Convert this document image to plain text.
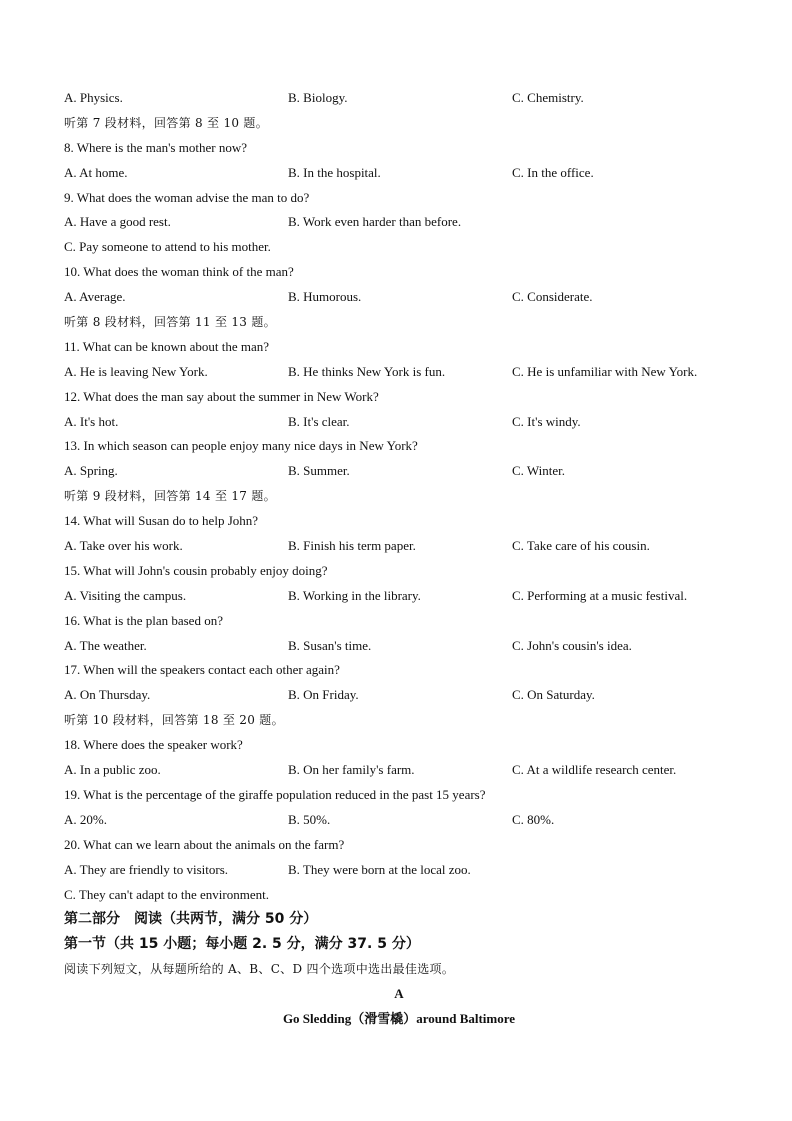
A. Physics.	B. Biology.	C. Chemistry.
听第 7 段材料，回答第 8 至 10 题。
8. Where is the man's mother now?
A. At home.	B. In the hospital.	C. In the office.
9. What does the woman advise the man to do?
A. Have a good rest.	B. Work even harder than before.
C. Pay someone to attend to his mother.
10. What does the woman think of the man?
A. Average.	B. Humorous.	C. Considerate.
听第 8 段材料，回答第 11 至 13 题。
11. What can be known about the man?
A. He is leaving New York.	B. He thinks New York is fun.	C. He is unfamiliar with New York.
12. What does the man say about the summer in New Work?
A. It's hot.	B. It's clear.	C. It's windy.
13. In which season can people enjoy many nice days in New York?
A. Spring.	B. Summer.	C. Winter.
听第 9 段材料，回答第 14 至 17 题。
14. What will Susan do to help John?
A. Take over his work.	B. Finish his term paper.	C. Take care of his cousin.
15. What will John's cousin probably enjoy doing?
A. Visiting the campus.	B. Working in the library.	C. Performing at a music festival.
16. What is the plan based on?
A. The weather.	B. Susan's time.	C. John's cousin's idea.
17. When will the speakers contact each other again?
A. On Thursday.	B. On Friday.	C. On Saturday.
听第 10 段材料，回答第 18 至 20 题。
18. Where does the speaker work?
A. In a public zoo.	B. On her family's farm.	C. At a wildlife research center.
19. What is the percentage of the giraffe population reduced in the past 15 years?
A. 20%.	B. 50%.	C. 80%.
20. What can we learn about the animals on the farm?
A. They are friendly to visitors.	B. They were born at the local zoo.
C. They can't adapt to the environment.
第二部分　阅读（共两节，满分 50 分）
第一节（共 15 小题；每小题 2. 5 分，满分 37. 5 分）
阅读下列短文，从每题所给的 A、B、C、D 四个选项中选出最佳选项。
A
Go Sledding（滑雪橇）around Baltimore
